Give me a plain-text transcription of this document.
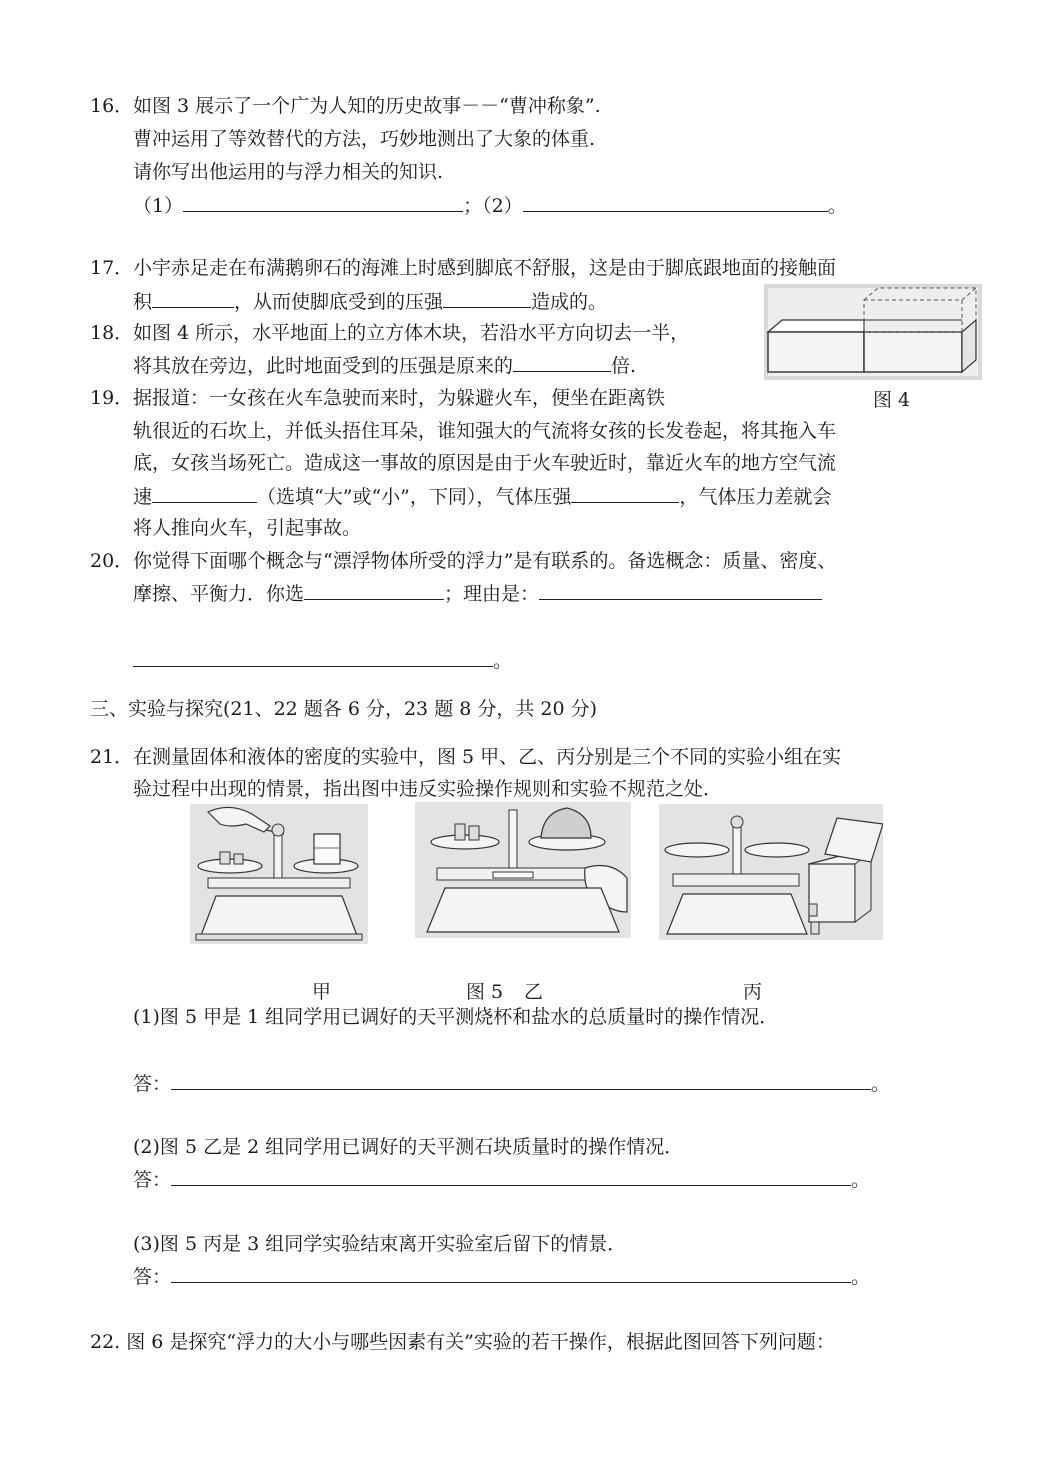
16． 如图 3 展示了一个广为人知的历史故事－－“曹冲称象”.
曹冲运用了等效替代的方法，巧妙地测出了大象的体重.
请你写出他运用的与浮力相关的知识.
（1）	；（2）	。
17． 小宇赤足走在布满鹅卵石的海滩上时感到脚底不舒服，这是由于脚底跟地面的接触面
积	，从而使脚底受到的压强	造成的。
18． 如图 4 所示，水平地面上的立方体木块，若沿水平方向切去一半，
将其放在旁边，此时地面受到的压强是原来的	倍.
图 4
19． 据报道：一女孩在火车急驶而来时，为躲避火车，便坐在距离铁
轨很近的石坎上，并低头捂住耳朵，谁知强大的气流将女孩的长发卷起，将其拖入车
底，女孩当场死亡。造成这一事故的原因是由于火车驶近时，靠近火车的地方空气流
速	（选填“大”或“小”，下同），气体压强	，气体压力差就会
将人推向火车，引起事故。
20． 你觉得下面哪个概念与“漂浮物体所受的浮力”是有联系的。备选概念：质量、密度、
摩擦、平衡力．你选	；理由是：
。
三、实验与探究(21、22 题各 6 分，23 题 8 分，共 20 分)
21． 在测量固体和液体的密度的实验中，图 5 甲、乙、丙分别是三个不同的实验小组在实
验过程中出现的情景，指出图中违反实验操作规则和实验不规范之处．
甲	图 5 乙	丙
(1)图 5 甲是 1 组同学用已调好的天平测烧杯和盐水的总质量时的操作情况．
答：	。
(2)图 5 乙是 2 组同学用已调好的天平测石块质量时的操作情况．
答：	。
(3)图 5 丙是 3 组同学实验结束离开实验室后留下的情景．
答：	。
22. 图 6 是探究“浮力的大小与哪些因素有关”实验的若干操作，根据此图回答下列问题：
